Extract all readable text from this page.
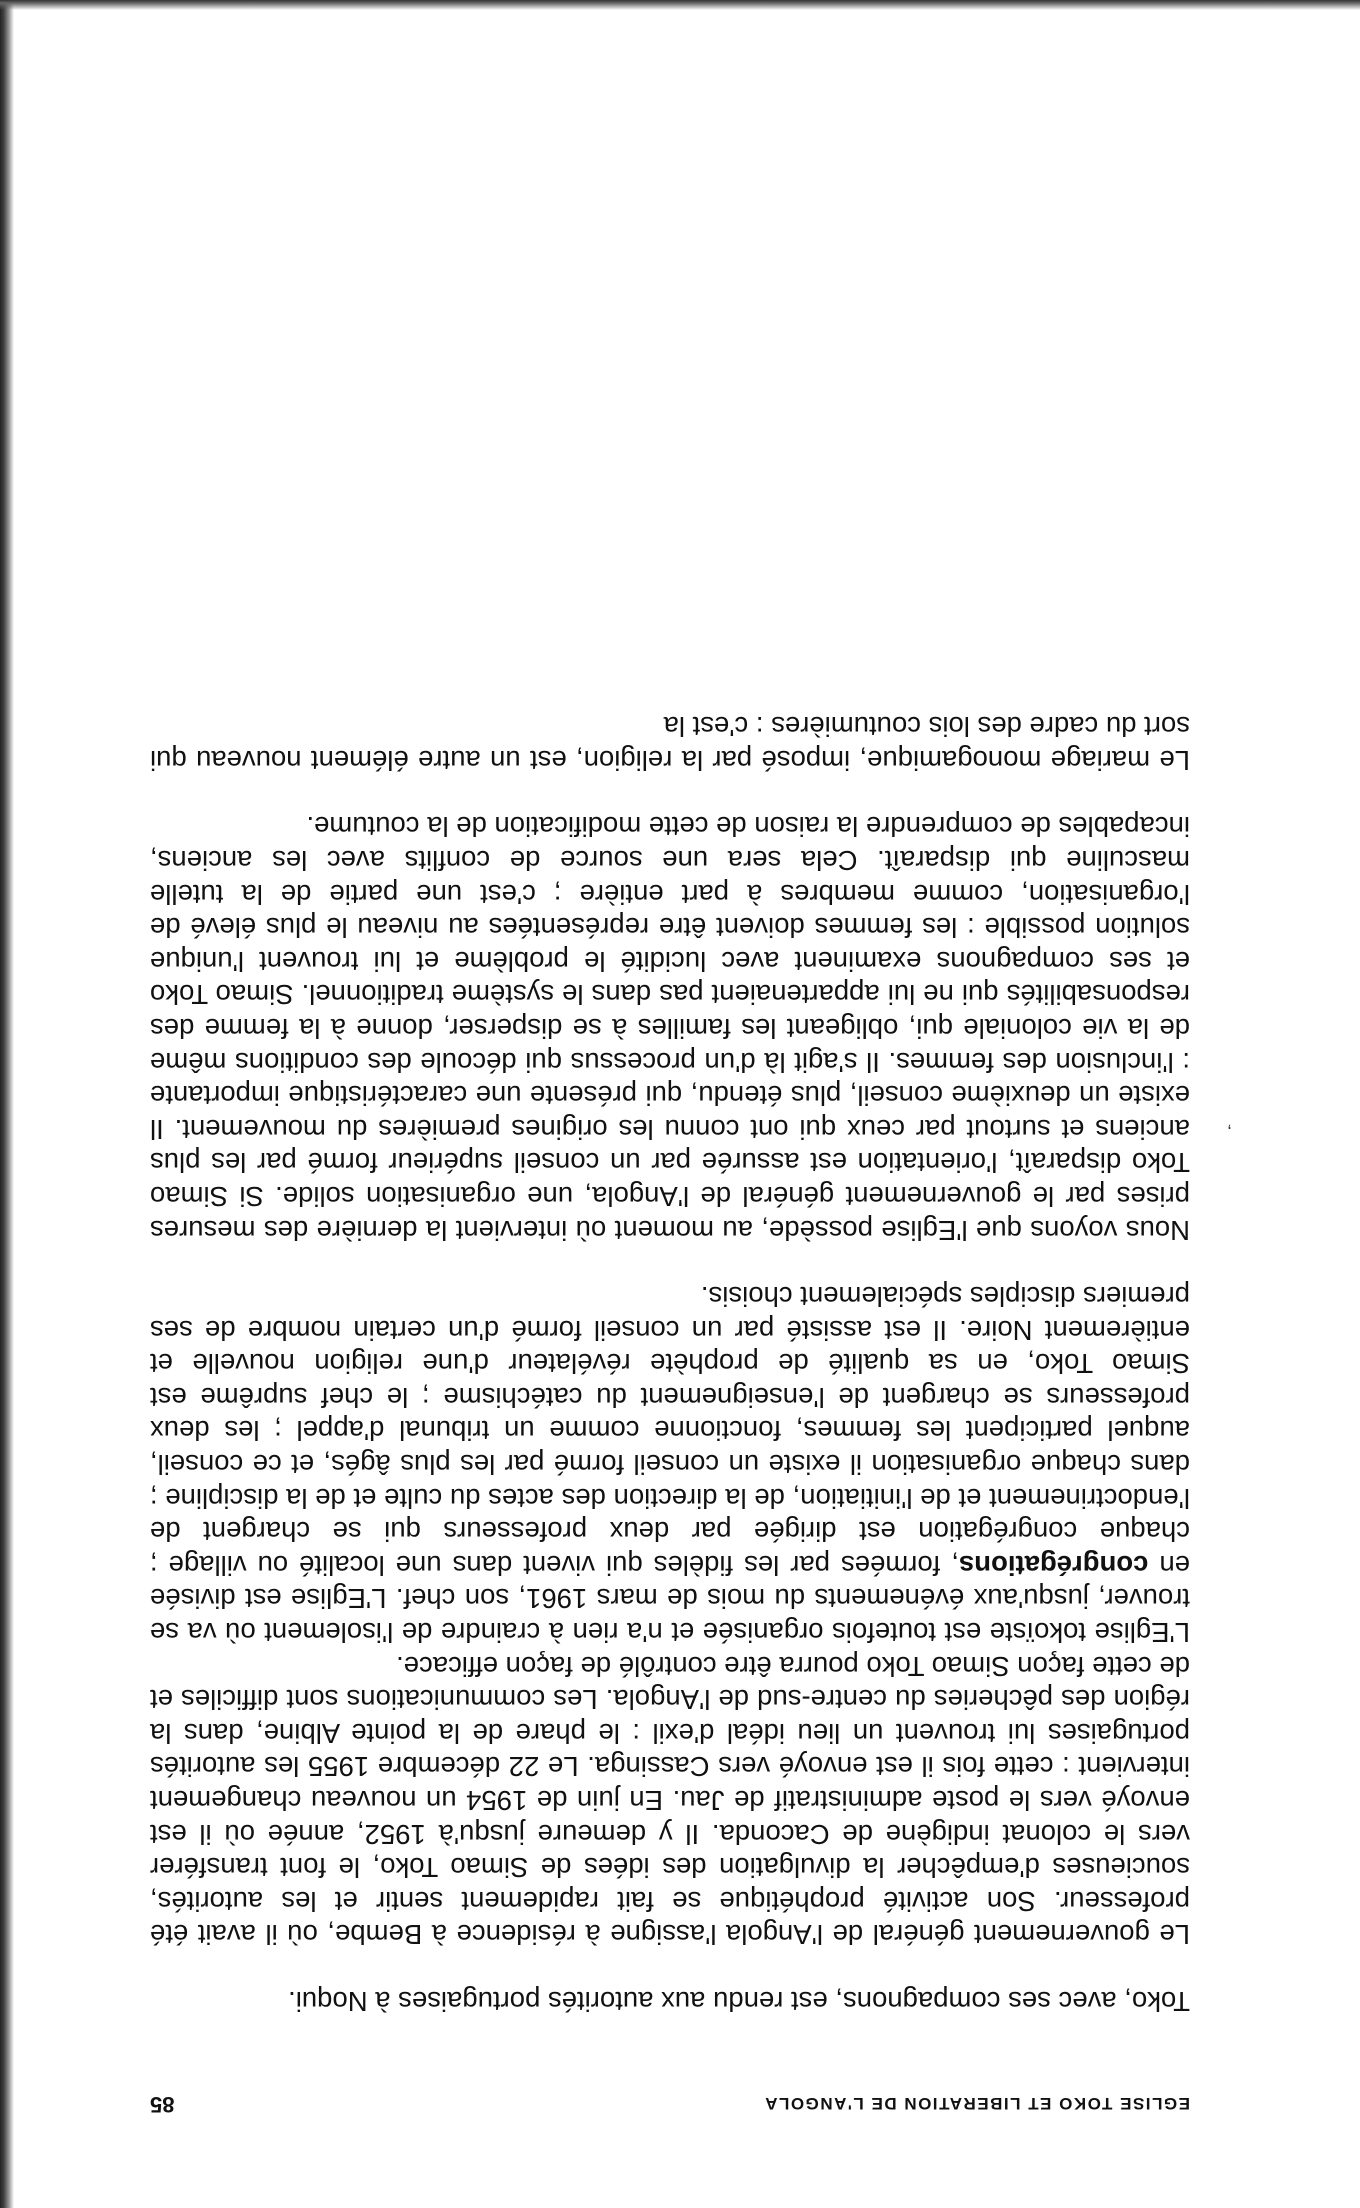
EGLISE TOKO ET LIBERATION DE L'ANGOLA
85

Toko, avec ses compagnons, est rendu aux autorités portugaises à Noqui.

Le gouvernement général de l'Angola l'assigne à résidence à Bembe, où il avait été professeur. Son activité prophétique se fait rapidement sentir et les autorités, soucieuses d'empêcher la divulgation des idées de Simao Toko, le font transférer vers le colonat indigène de Caconda. Il y demeure jusqu'à 1952, année où il est envoyé vers le poste administratif de Jau. En juin de 1954 un nouveau changement intervient : cette fois il est envoyé vers Cassinga. Le 22 décembre 1955 les autorités portugaises lui trouvent un lieu idéal d'exil : le phare de la pointe Albine, dans la région des pêcheries du centre-sud de l'Angola. Les communications sont difficiles et de cette façon Simao Toko pourra être contrôlé de façon efficace.

L'Eglise tokoïste est toutefois organisée et n'a rien à craindre de l'isolement où va se trouver, jusqu'aux événements du mois de mars 1961, son chef. L'Eglise est divisée en congrégations, formées par les fidèles qui vivent dans une localité ou village ; chaque congrégation est dirigée par deux professeurs qui se chargent de l'endoctrinement et de l'initiation, de la direction des actes du culte et de la discipline ; dans chaque organisation il existe un conseil formé par les plus âgés, et ce conseil, auquel participent les femmes, fonctionne comme un tribunal d'appel ; les deux professeurs se chargent de l'enseignement du catéchisme ; le chef suprême est Simao Toko, en sa qualité de prophète révélateur d'une religion nouvelle et entièrement Noire. Il est assisté par un conseil formé d'un certain nombre de ses premiers disciples spécialement choisis.

Nous voyons que l'Eglise possède, au moment où intervient la dernière des mesures prises par le gouvernement général de l'Angola, une organisation solide. Si Simao Toko disparaît, l'orientation est assurée par un conseil supérieur formé par les plus anciens et surtout par ceux qui ont connu les origines premières du mouvement. Il existe un deuxième conseil, plus étendu, qui présente une caractéristique importante : l'inclusion des femmes. Il s'agit là d'un processus qui découle des conditions même de la vie coloniale qui, obligeant les familles à se disperser, donne à la femme des responsabilités qui ne lui appartenaient pas dans le système traditionnel. Simao Toko et ses compagnons examinent avec lucidité le problème et lui trouvent l'unique solution possible : les femmes doivent être représentées au niveau le plus élevé de l'organisation, comme membres à part entière ; c'est une partie de la tutelle masculine qui disparaît. Cela sera une source de conflits avec les anciens, incapables de comprendre la raison de cette modification de la coutume.

Le mariage monogamique, imposé par la religion, est un autre élément nouveau qui sort du cadre des lois coutumières : c'est la

,
